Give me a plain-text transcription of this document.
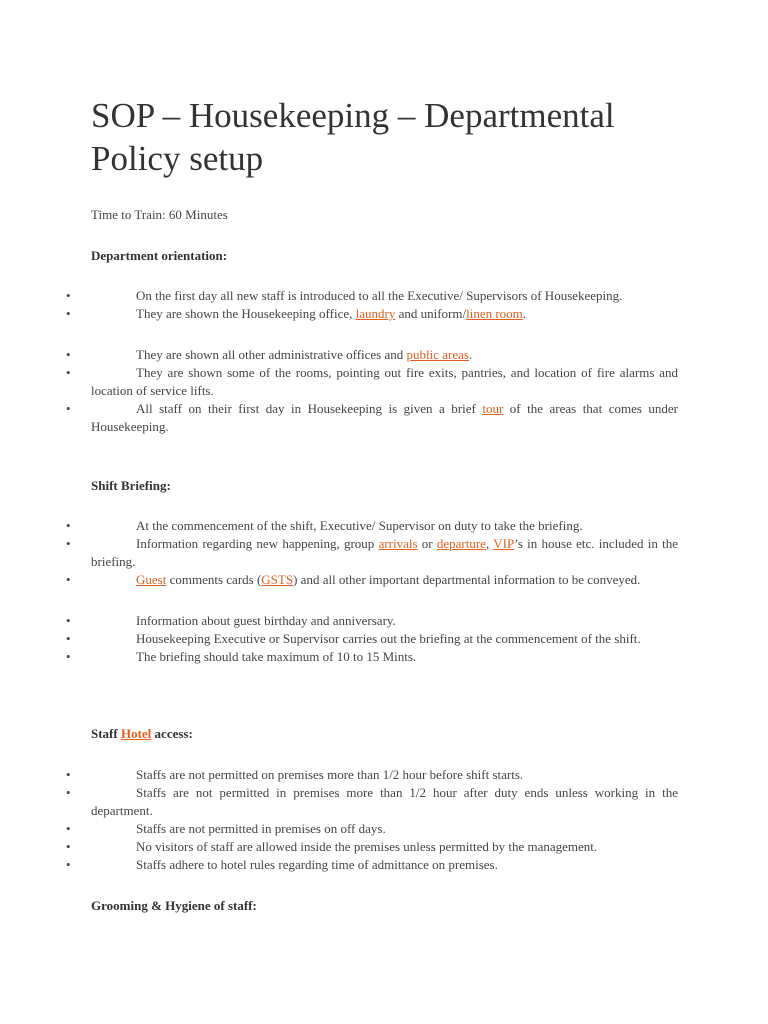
SOP – Housekeeping – Departmental Policy setup
Time to Train: 60 Minutes
Department orientation:
•	On the first day all new staff is introduced to all the Executive/ Supervisors of Housekeeping.
•	They are shown the Housekeeping office, laundry and uniform/linen room.
•	They are shown all other administrative offices and public areas.
•	They are shown some of the rooms, pointing out fire exits, pantries, and location of fire alarms and location of service lifts.
•	All staff on their first day in Housekeeping is given a brief tour of the areas that comes under Housekeeping.
Shift Briefing:
•	At the commencement of the shift, Executive/ Supervisor on duty to take the briefing.
•	Information regarding new happening, group arrivals or departure, VIP’s in house etc. included in the briefing.
•	Guest comments cards (GSTS) and all other important departmental information to be conveyed.
•	Information about guest birthday and anniversary.
•	Housekeeping Executive or Supervisor carries out the briefing at the commencement of the shift.
•	The briefing should take maximum of 10 to 15 Mints.
Staff Hotel access:
•	Staffs are not permitted on premises more than 1/2 hour before shift starts.
•	Staffs are not permitted in premises more than 1/2 hour after duty ends unless working in the department.
•	Staffs are not permitted in premises on off days.
•	No visitors of staff are allowed inside the premises unless permitted by the management.
•	Staffs adhere to hotel rules regarding time of admittance on premises.
Grooming & Hygiene of staff:
